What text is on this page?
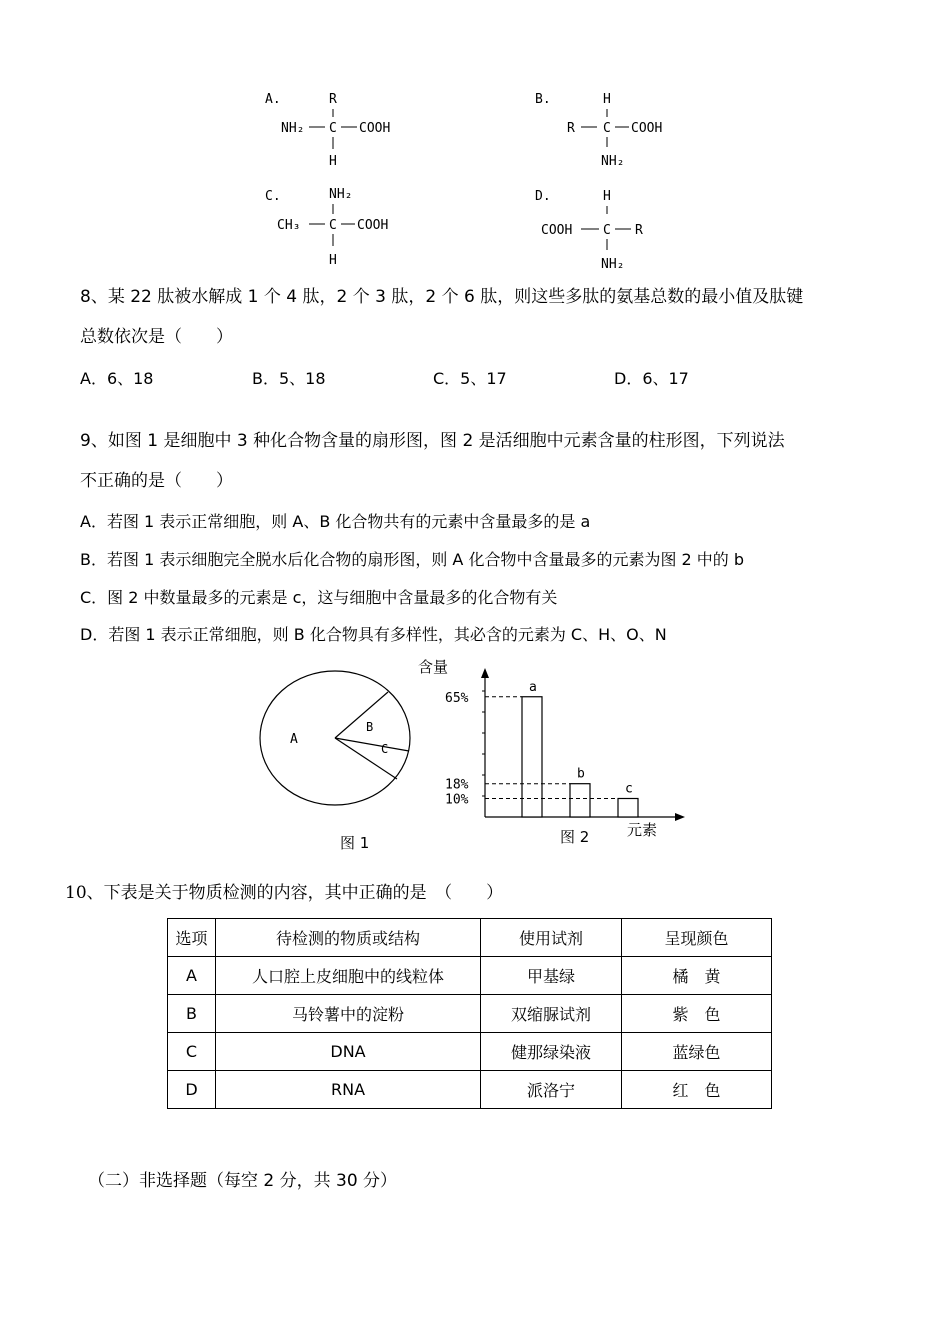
A.	R
NH₂ C COOH
H
B.	H
R C COOH
NH₂
C.	NH₂
CH₃ C COOH
H
D.	H
COOH C R
NH₂
8、某 22 肽被水解成 1 个 4 肽，2 个 3 肽，2 个 6 肽，则这些多肽的氨基总数的最小值及肽键
总数依次是（　　）
A．6、18	B．5、18	C．5、17	D．6、17
9、如图 1 是细胞中 3 种化合物含量的扇形图，图 2 是活细胞中元素含量的柱形图，下列说法
不正确的是（　　）
A．若图 1 表示正常细胞，则 A、B 化合物共有的元素中含量最多的是 a
B．若图 1 表示细胞完全脱水后化合物的扇形图，则 A 化合物中含量最多的元素为图 2 中的 b
C．图 2 中数量最多的元素是 c，这与细胞中含量最多的化合物有关
D．若图 1 表示正常细胞，则 B 化合物具有多样性，其必含的元素为 C、H、O、N
A
B
C
图 1
含量
65%
18%
10%
a
b
c
元素
图 2
10、下表是关于物质检测的内容，其中正确的是　（　　）
选项	待检测的物质或结构	使用试剂	呈现颜色
A	人口腔上皮细胞中的线粒体	甲基绿	橘　黄
B	马铃薯中的淀粉	双缩脲试剂	紫　色
C	DNA	健那绿染液	蓝绿色
D	RNA	派洛宁	红　色
（二）非选择题（每空 2 分，共 30 分）
